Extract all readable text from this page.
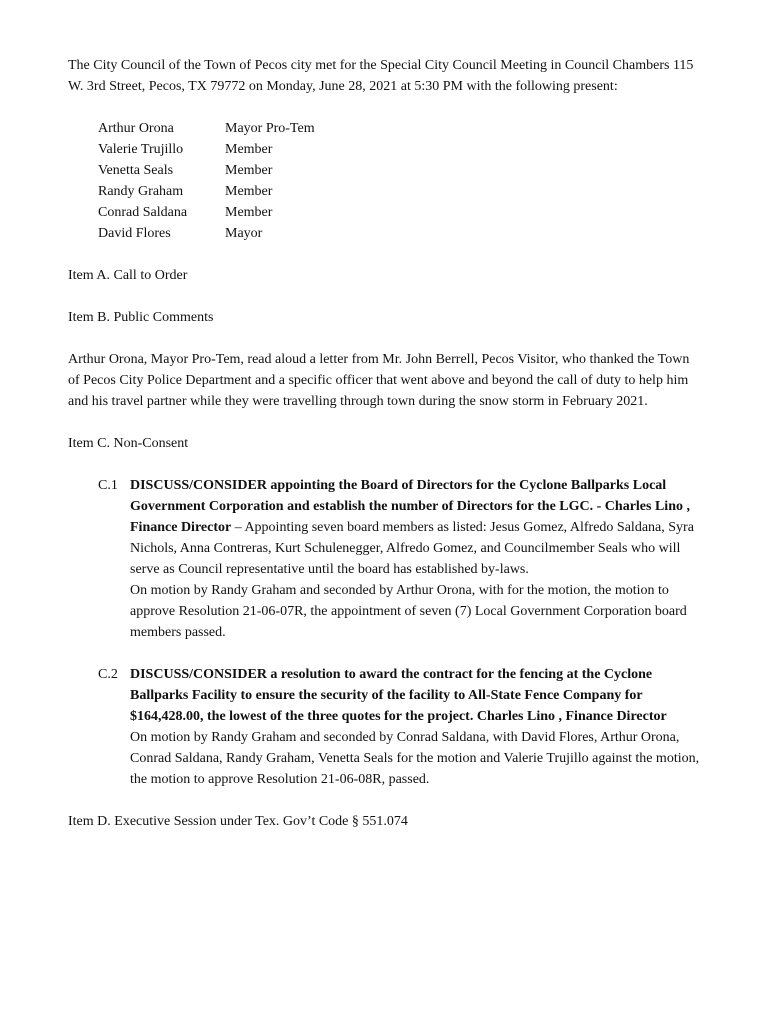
The City Council of the Town of Pecos city met for the Special City Council Meeting in Council Chambers 115 W. 3rd Street, Pecos, TX 79772 on Monday, June 28, 2021 at 5:30 PM with the following present:

Arthur Orona	Mayor Pro-Tem
Valerie Trujillo	Member
Venetta Seals	Member
Randy Graham	Member
Conrad Saldana	Member
David Flores	Mayor

Item A. Call to Order

Item B. Public Comments

Arthur Orona, Mayor Pro-Tem, read aloud a letter from Mr. John Berrell, Pecos Visitor, who thanked the Town of Pecos City Police Department and a specific officer that went above and beyond the call of duty to help him and his travel partner while they were travelling through town during the snow storm in February 2021.

Item C. Non-Consent

C.1 DISCUSS/CONSIDER appointing the Board of Directors for the Cyclone Ballparks Local Government Corporation and establish the number of Directors for the LGC. - Charles Lino , Finance Director – Appointing seven board members as listed: Jesus Gomez, Alfredo Saldana, Syra Nichols, Anna Contreras, Kurt Schulenegger, Alfredo Gomez, and Councilmember Seals who will serve as Council representative until the board has established by-laws.

On motion by Randy Graham and seconded by Arthur Orona, with for the motion, the motion to approve Resolution 21-06-07R, the appointment of seven (7) Local Government Corporation board members passed.

C.2 DISCUSS/CONSIDER a resolution to award the contract for the fencing at the Cyclone Ballparks Facility to ensure the security of the facility to All-State Fence Company for $164,428.00, the lowest of the three quotes for the project. Charles Lino , Finance Director

On motion by Randy Graham and seconded by Conrad Saldana, with David Flores, Arthur Orona, Conrad Saldana, Randy Graham, Venetta Seals for the motion and Valerie Trujillo against the motion, the motion to approve Resolution 21-06-08R, passed.

Item D. Executive Session under Tex. Gov’t Code § 551.074
